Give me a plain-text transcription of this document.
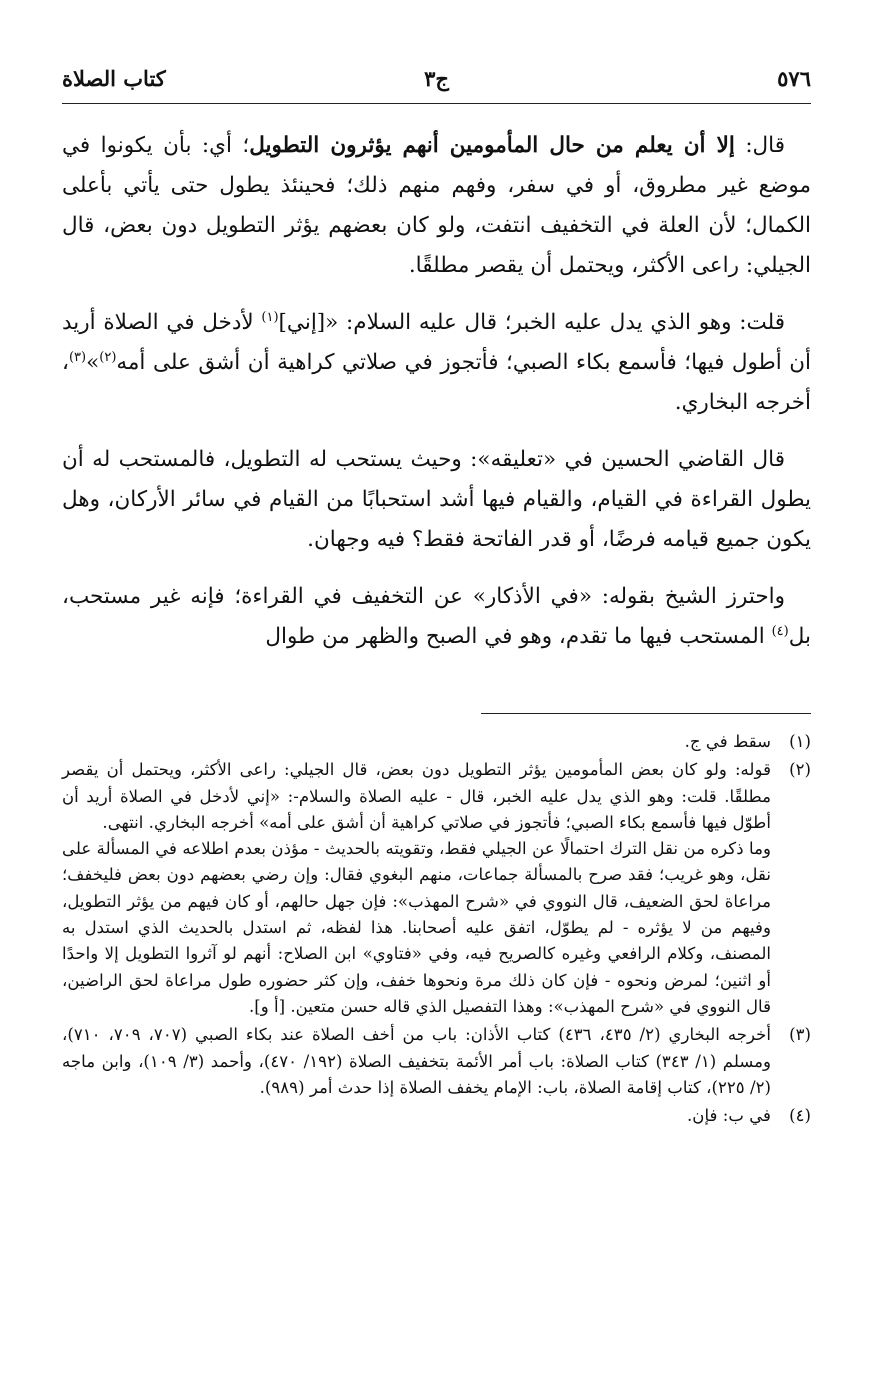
٥٧٦
ج٣
كتاب الصلاة

قال: إلا أن يعلم من حال المأمومين أنهم يؤثرون التطويل؛ أي: بأن يكونوا في موضع غير مطروق، أو في سفر، وفهم منهم ذلك؛ فحينئذ يطول حتى يأتي بأعلى الكمال؛ لأن العلة في التخفيف انتفت، ولو كان بعضهم يؤثر التطويل دون بعض، قال الجيلي: راعى الأكثر، ويحتمل أن يقصر مطلقًا.

قلت: وهو الذي يدل عليه الخبر؛ قال عليه السلام: «[إني]$^{(١)}$ لأدخل في الصلاة أريد أن أطول فيها؛ فأسمع بكاء الصبي؛ فأتجوز في صلاتي كراهية أن أشق على أمه$^{(٢)}$»$^{(٣)}$، أخرجه البخاري.

قال القاضي الحسين في «تعليقه»: وحيث يستحب له التطويل، فالمستحب له أن يطول القراءة في القيام، والقيام فيها أشد استحبابًا من القيام في سائر الأركان، وهل يكون جميع قيامه فرضًا، أو قدر الفاتحة فقط؟ فيه وجهان.

واحترز الشيخ بقوله: «في الأذكار» عن التخفيف في القراءة؛ فإنه غير مستحب، بل$^{(٤)}$ المستحب فيها ما تقدم، وهو في الصبح والظهر من طوال

(١)

سقط في ج.

(٢)

قوله: ولو كان بعض المأمومين يؤثر التطويل دون بعض، قال الجيلي: راعى الأكثر، ويحتمل أن يقصر مطلقًا. قلت: وهو الذي يدل عليه الخبر، قال - عليه الصلاة والسلام-: «إني لأدخل في الصلاة أريد أن أطوّل فيها فأسمع بكاء الصبي؛ فأتجوز في صلاتي كراهية أن أشق على أمه» أخرجه البخاري. انتهى.

وما ذكره من نقل الترك احتمالًا عن الجيلي فقط، وتقويته بالحديث - مؤذن بعدم اطلاعه في المسألة على نقل، وهو غريب؛ فقد صرح بالمسألة جماعات، منهم البغوي فقال: وإن رضي بعضهم دون بعض فليخفف؛ مراعاة لحق الضعيف، قال النووي في «شرح المهذب»: فإن جهل حالهم، أو كان فيهم من يؤثر التطويل، وفيهم من لا يؤثره - لم يطوّل، اتفق عليه أصحابنا. هذا لفظه، ثم استدل بالحديث الذي استدل به المصنف، وكلام الرافعي وغيره كالصريح فيه، وفي «فتاوي» ابن الصلاح: أنهم لو آثروا التطويل إلا واحدًا أو اثنين؛ لمرض ونحوه - فإن كان ذلك مرة ونحوها خفف، وإن كثر حضوره طول مراعاة لحق الراضين، قال النووي في «شرح المهذب»: وهذا التفصيل الذي قاله حسن متعين. [أ و].

(٣)

أخرجه البخاري (٢/ ٤٣٥، ٤٣٦) كتاب الأذان: باب من أخف الصلاة عند بكاء الصبي (٧٠٧، ٧٠٩، ٧١٠)، ومسلم (١/ ٣٤٣) كتاب الصلاة: باب أمر الأئمة بتخفيف الصلاة (١٩٢/ ٤٧٠)، وأحمد (٣/ ١٠٩)، وابن ماجه (٢/ ٢٢٥)، كتاب إقامة الصلاة، باب: الإمام يخفف الصلاة إذا حدث أمر (٩٨٩).

(٤)

في ب: فإن.
